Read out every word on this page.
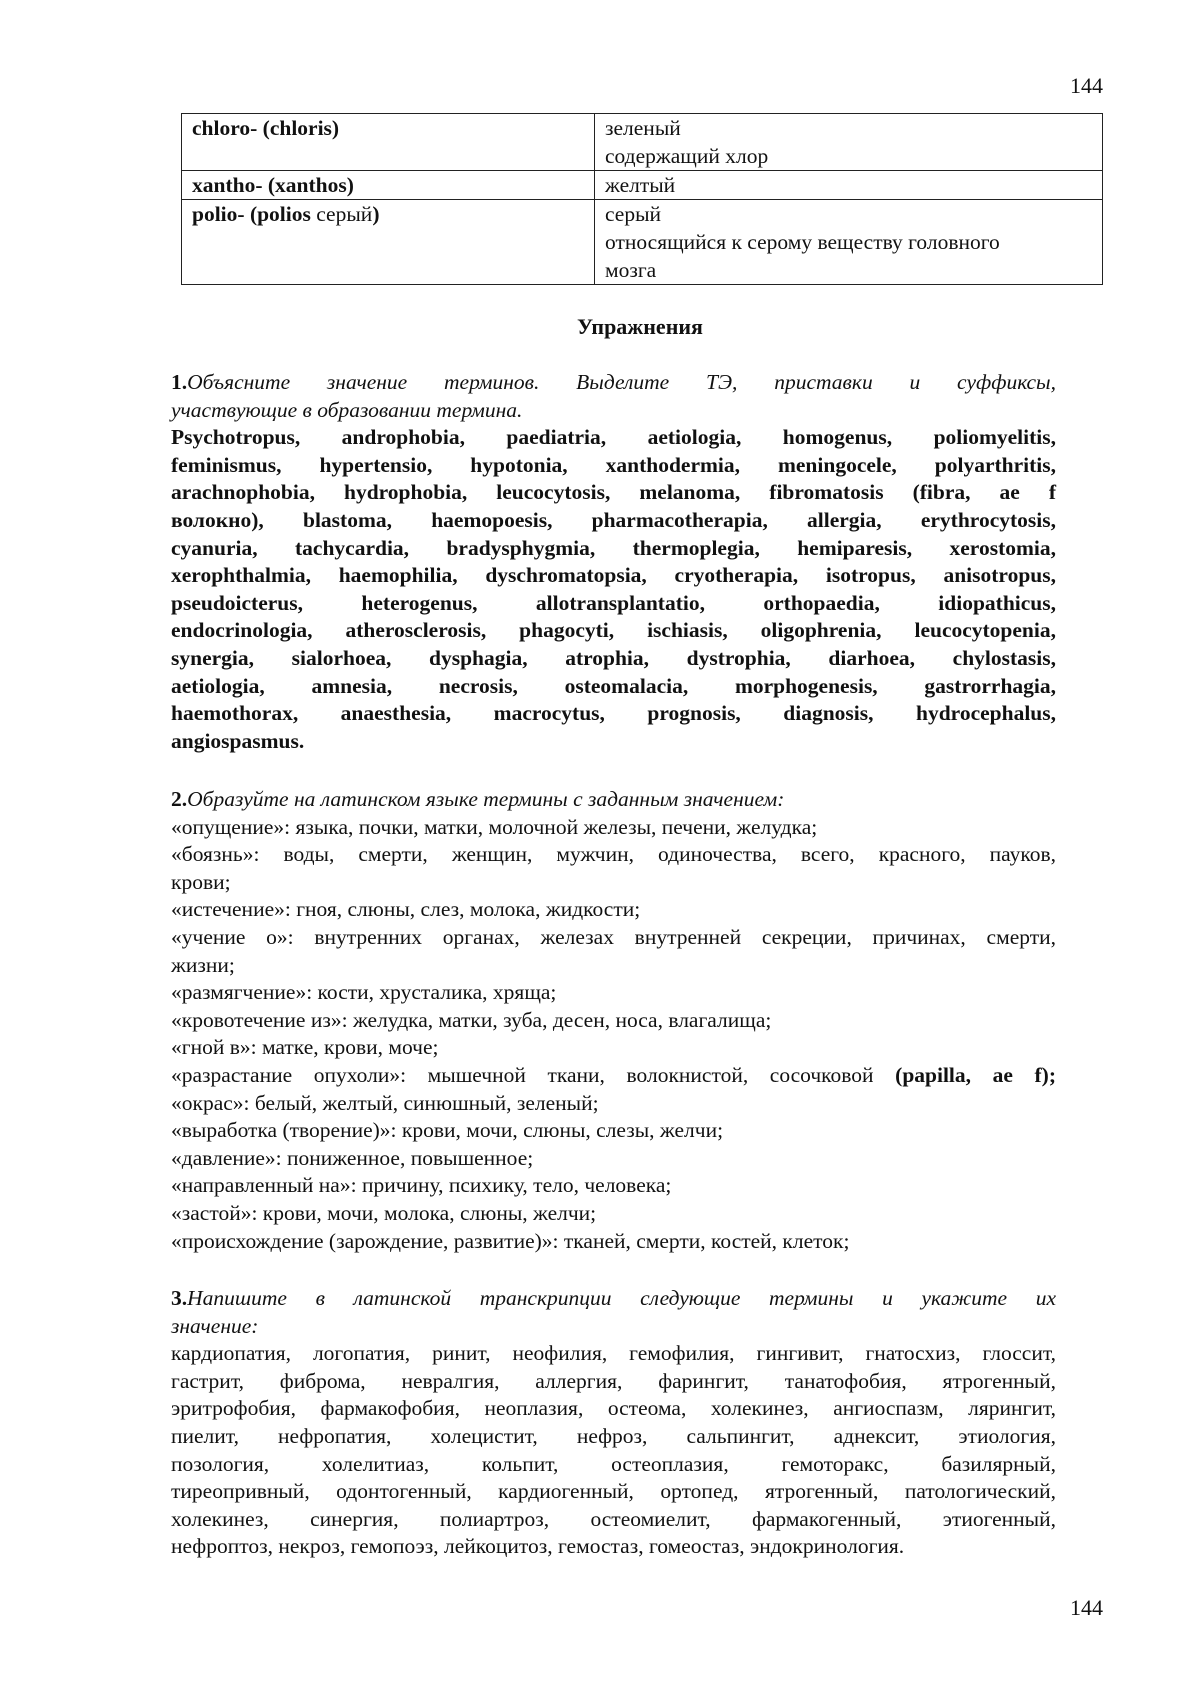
144
chloro- (chloris)	зеленый
содержащий хлор

xantho- (xanthos)	желтый

polio- (polios серый)	серый
относящийся к серому веществу головного
мозга
Упражнения
1.Объясните значение терминов. Выделите ТЭ, приставки и суффиксы,
участвующие в образовании термина.
Psychotropus, androphobia, paediatria, aetiologia, homogenus, poliomyelitis,
feminismus, hypertensio, hypotonia, xanthodermia, meningocele, polyarthritis,
arachnophobia, hydrophobia, leucocytosis, melanoma, fibromatosis (fibra, ae f
волокно), blastoma, haemopoesis, pharmacotherapia, allergia, erythrocytosis,
cyanuria, tachycardia, bradysphygmia, thermoplegia, hemiparesis, xerostomia,
xerophthalmia, haemophilia, dyschromatopsia, cryotherapia, isotropus, anisotropus,
pseudoicterus, heterogenus, allotransplantatio, orthopaedia, idiopathicus,
endocrinologia, atherosclerosis, phagocyti, ischiasis, oligophrenia, leucocytopenia,
synergia, sialorhoea, dysphagia, atrophia, dystrophia, diarhoea, chylostasis,
aetiologia, amnesia, necrosis, osteomalacia, morphogenesis, gastrorrhagia,
haemothorax, anaesthesia, macrocytus, prognosis, diagnosis, hydrocephalus,
angiospasmus.
2.Образуйте на латинском языке термины с заданным значением:
«опущение»: языка, почки, матки, молочной железы, печени, желудка;
«боязнь»: воды, смерти, женщин, мужчин, одиночества, всего, красного, пауков,
крови;
«истечение»: гноя, слюны, слез, молока, жидкости;
«учение о»: внутренних органах, железах внутренней секреции, причинах, смерти,
жизни;
«размягчение»: кости, хрусталика, хряща;
«кровотечение из»: желудка, матки, зуба, десен, носа, влагалища;
«гной в»: матке, крови, моче;
«разрастание опухоли»: мышечной ткани, волокнистой, сосочковой (papilla, ae f);
«окрас»: белый, желтый, синюшный, зеленый;
«выработка (творение)»: крови, мочи, слюны, слезы, желчи;
«давление»: пониженное, повышенное;
«направленный на»: причину, психику, тело, человека;
«застой»: крови, мочи, молока, слюны, желчи;
«происхождение (зарождение, развитие)»: тканей, смерти, костей, клеток;
3.Напишите в латинской транскрипции следующие термины и укажите их
значение:
кардиопатия, логопатия, ринит, неофилия, гемофилия, гингивит, гнатосхиз, глоссит,
гастрит, фиброма, невралгия, аллергия, фарингит, танатофобия, ятрогенный,
эритрофобия, фармакофобия, неоплазия, остеома, холекинез, ангиоспазм, лярингит,
пиелит, нефропатия, холецистит, нефроз, сальпингит, аднексит, этиология,
позология, холелитиаз, кольпит, остеоплазия, гемоторакс, базилярный,
тиреопривный, одонтогенный, кардиогенный, ортопед, ятрогенный, патологический,
холекинез, синергия, полиартроз, остеомиелит, фармакогенный, этиогенный,
нефроптоз, некроз, гемопоэз, лейкоцитоз, гемостаз, гомеостаз, эндокринология.
144
